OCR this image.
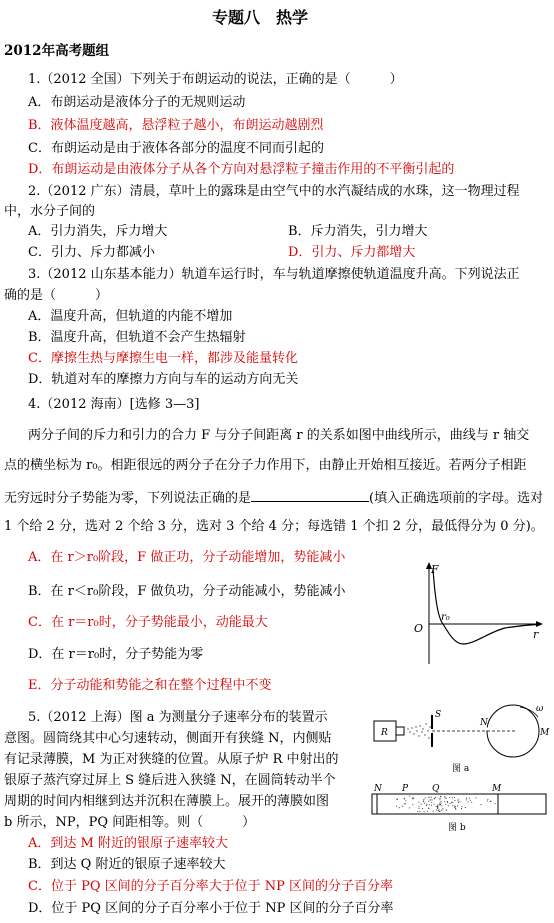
专题八　热学
2012年高考题组
1.（2012 全国）下列关于布朗运动的说法，正确的是（　　　）
A．布朗运动是液体分子的无规则运动
B．液体温度越高，悬浮粒子越小，布朗运动越剧烈
C．布朗运动是由于液体各部分的温度不同而引起的
D．布朗运动是由液体分子从各个方向对悬浮粒子撞击作用的不平衡引起的
2.（2012 广东）清晨，草叶上的露珠是由空气中的水汽凝结成的水珠，这一物理过程
中，水分子间的
A．引力消失，斥力增大	B．斥力消失，引力增大
C．引力、斥力都减小	D．引力、斥力都增大
3.（2012 山东基本能力）轨道车运行时，车与轨道摩擦使轨道温度升高。下列说法正
确的是（　　　）
A．温度升高，但轨道的内能不增加
B．温度升高，但轨道不会产生热辐射
C．摩擦生热与摩擦生电一样，都涉及能量转化
D．轨道对车的摩擦力方向与车的运动方向无关
4.（2012 海南）[选修 3—3]
两分子间的斥力和引力的合力 F 与分子间距离 r 的关系如图中曲线所示，曲线与 r 轴交
点的横坐标为 r₀。相距很远的两分子在分子力作用下，由静止开始相互接近。若两分子相距
无穷远时分子势能为零，下列说法正确的是	(填入正确选项前的字母。选对
1 个给 2 分，选对 2 个给 3 分，选对 3 个给 4 分；每选错 1 个扣 2 分，最低得分为 0 分)。
A．在 r＞r₀阶段，F 做正功，分子动能增加，势能减小
B．在 r＜r₀阶段，F 做负功，分子动能减小，势能减小
C．在 r＝r₀时，分子势能最小，动能最大
D．在 r＝r₀时，分子势能为零
E．分子动能和势能之和在整个过程中不变
F
O
r₀
r
5.（2012 上海）图 a 为测量分子速率分布的装置示
意图。圆筒绕其中心匀速转动，侧面开有狭缝 N，内侧贴
有记录薄膜，M 为正对狭缝的位置。从原子炉 R 中射出的
银原子蒸汽穿过屏上 S 缝后进入狭缝 N，在圆筒转动半个
周期的时间内相继到达并沉积在薄膜上。展开的薄膜如图
b 所示，NP，PQ 间距相等。则（　　　）
A．到达 M 附近的银原子速率较大
B．到达 Q 附近的银原子速率较大
C．位于 PQ 区间的分子百分率大于位于 NP 区间的分子百分率
D．位于 PQ 区间的分子百分率小于位于 NP 区间的分子百分率
R
S
N
M
ω
图 a
N P	Q	M
图 b
